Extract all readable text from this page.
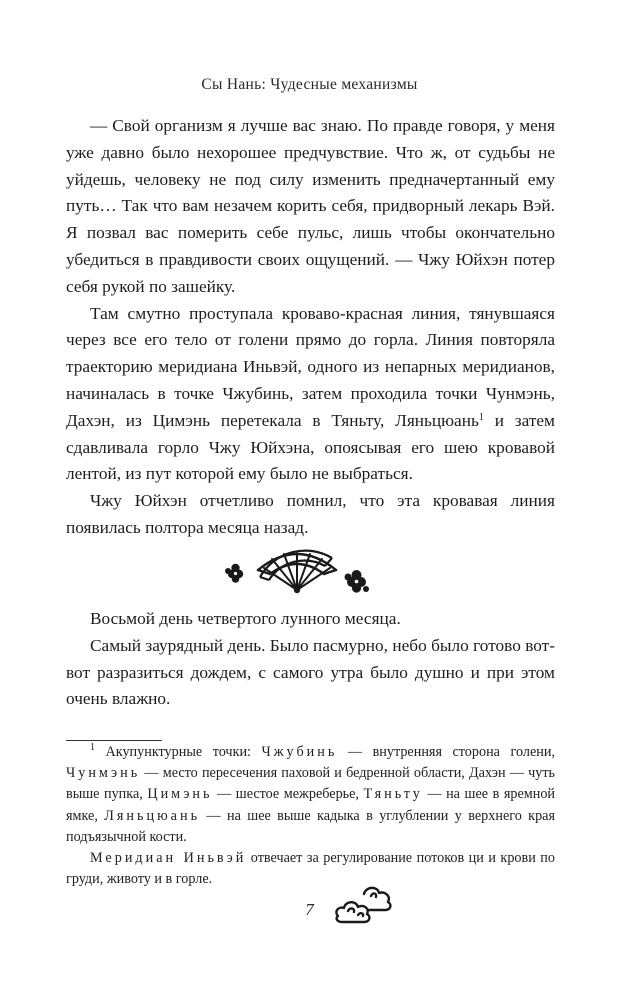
Сы Нань: Чудесные механизмы

— Свой организм я лучше вас знаю. По правде говоря, у меня уже давно было нехорошее предчувствие. Что ж, от судьбы не уйдешь, человеку не под силу изменить предначертанный ему путь… Так что вам незачем корить себя, придворный лекарь Вэй. Я позвал вас померить себе пульс, лишь чтобы окончательно убедиться в правдивости своих ощущений. — Чжу Юйхэн потер себя рукой по зашейку.

Там смутно проступала кроваво-красная линия, тянувшаяся через все его тело от голени прямо до горла. Линия повторяла траекторию меридиана Иньвэй, одного из непарных меридианов, начиналась в точке Чжубинь, затем проходила точки Чунмэнь, Дахэн, из Цимэнь перетекала в Тяньту, Ляньцюань$^1$ и затем сдавливала горло Чжу Юйхэна, опоясывая его шею кровавой лентой, из пут которой ему было не выбраться.

Чжу Юйхэн отчетливо помнил, что эта кровавая линия появилась полтора месяца назад.

Восьмой день четвертого лунного месяца.

Самый заурядный день. Было пасмурно, небо было готово вот-вот разразиться дождем, с самого утра было душно и при этом очень влажно.

$^1$ Акупунктурные точки: Чжубинь — внутренняя сторона голени, Чунмэнь — место пересечения паховой и бедренной области, Дахэн — чуть выше пупка, Цимэнь — шестое межреберье, Тяньту — на шее в яремной ямке, Ляньцюань — на шее выше кадыка в углублении у верхнего края подъязычной кости.

Меридиан Иньвэй отвечает за регулирование потоков ци и крови по груди, животу и в горле.

7
